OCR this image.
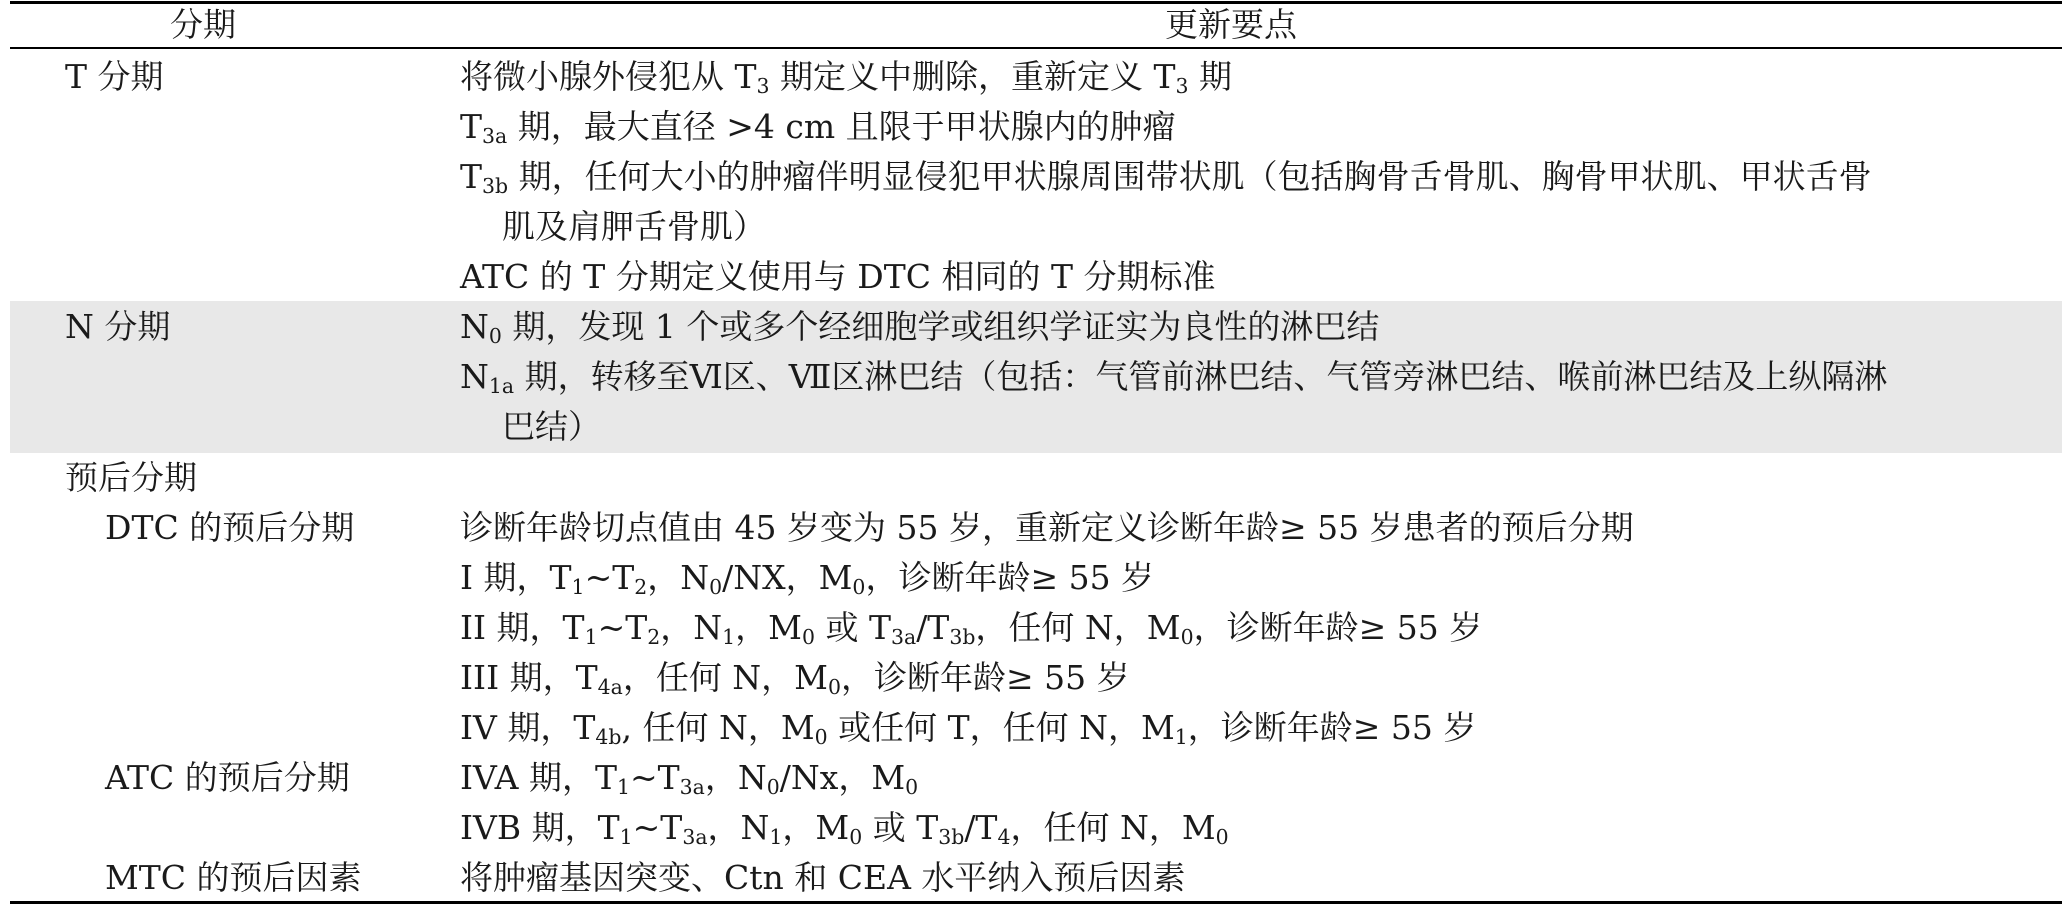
分期	更新要点
T 分期	将微小腺外侵犯从 $T_3$ 期定义中删除，重新定义 $T_3$ 期
$T_{3a}$ 期，最大直径 >4 cm 且限于甲状腺内的肿瘤
$T_{3b}$ 期，任何大小的肿瘤伴明显侵犯甲状腺周围带状肌（包括胸骨舌骨肌、胸骨甲状肌、甲状舌骨
肌及肩胛舌骨肌）
ATC 的 T 分期定义使用与 DTC 相同的 T 分期标准
N 分期	$N_0$ 期，发现 1 个或多个经细胞学或组织学证实为良性的淋巴结
$N_{1a}$ 期，转移至Ⅵ区、Ⅶ区淋巴结（包括：气管前淋巴结、气管旁淋巴结、喉前淋巴结及上纵隔淋
巴结）
预后分期
DTC 的预后分期	诊断年龄切点值由 45 岁变为 55 岁，重新定义诊断年龄≥ 55 岁患者的预后分期
I 期，$T_1\sim T_2$，$N_0/NX$，$M_0$，诊断年龄≥ 55 岁
II 期，$T_1\sim T_2$，$N_1$，$M_0$ 或 $T_{3a}/T_{3b}$，任何 N，$M_0$，诊断年龄≥ 55 岁
III 期，$T_{4a}$，任何 N，$M_0$，诊断年龄≥ 55 岁
IV 期，$T_{4b}$, 任何 N，$M_0$ 或任何 T，任何 N，$M_1$，诊断年龄≥ 55 岁
ATC 的预后分期	IVA 期，$T_1\sim T_{3a}$，$N_0/Nx$，$M_0$
IVB 期，$T_1\sim T_{3a}$，$N_1$，$M_0$ 或 $T_{3b}/T_4$，任何 N，$M_0$
MTC 的预后因素	将肿瘤基因突变、Ctn 和 CEA 水平纳入预后因素
